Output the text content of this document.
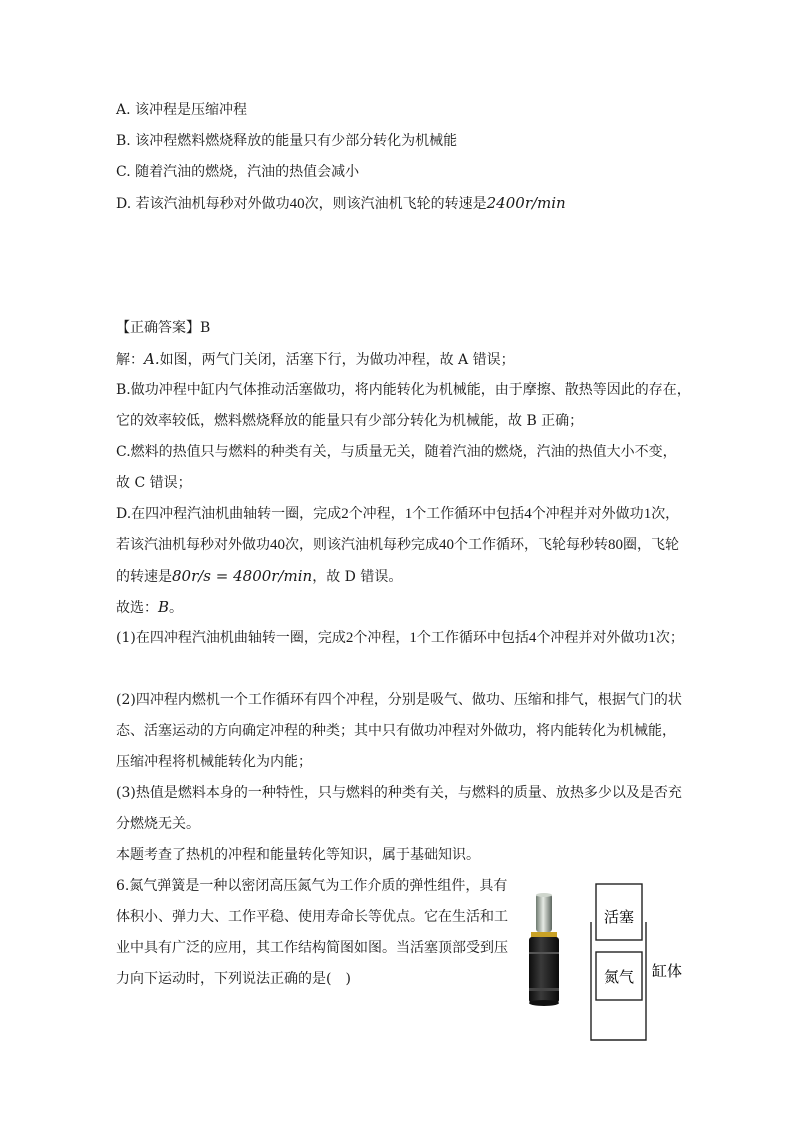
A. 该冲程是压缩冲程
B. 该冲程燃料燃烧释放的能量只有少部分转化为机械能
C. 随着汽油的燃烧，汽油的热值会减小
D. 若该汽油机每秒对外做功40次，则该汽油机飞轮的转速是2400r/min
【正确答案】B
解：A.如图，两气门关闭，活塞下行，为做功冲程，故 A 错误；
B.做功冲程中缸内气体推动活塞做功，将内能转化为机械能，由于摩擦、散热等因此的存在，
它的效率较低，燃料燃烧释放的能量只有少部分转化为机械能，故 B 正确；
C.燃料的热值只与燃料的种类有关，与质量无关，随着汽油的燃烧，汽油的热值大小不变，
故 C 错误；
D.在四冲程汽油机曲轴转一圈，完成2个冲程，1个工作循环中包括4个冲程并对外做功1次，
若该汽油机每秒对外做功40次，则该汽油机每秒完成40个工作循环，飞轮每秒转80圈，飞轮
的转速是80r/s = 4800r/min，故 D 错误。
故选：B。
(1)在四冲程汽油机曲轴转一圈，完成2个冲程，1个工作循环中包括4个冲程并对外做功1次；
(2)四冲程内燃机一个工作循环有四个冲程，分别是吸气、做功、压缩和排气，根据气门的状
态、活塞运动的方向确定冲程的种类；其中只有做功冲程对外做功，将内能转化为机械能，
压缩冲程将机械能转化为内能；
(3)热值是燃料本身的一种特性，只与燃料的种类有关，与燃料的质量、放热多少以及是否充
分燃烧无关。
本题考查了热机的冲程和能量转化等知识，属于基础知识。
6.氮气弹簧是一种以密闭高压氮气为工作介质的弹性组件，具有
体积小、弹力大、工作平稳、使用寿命长等优点。它在生活和工
业中具有广泛的应用，其工作结构简图如图。当活塞顶部受到压
力向下运动时，下列说法正确的是(　)
活塞
氮气 缸体
